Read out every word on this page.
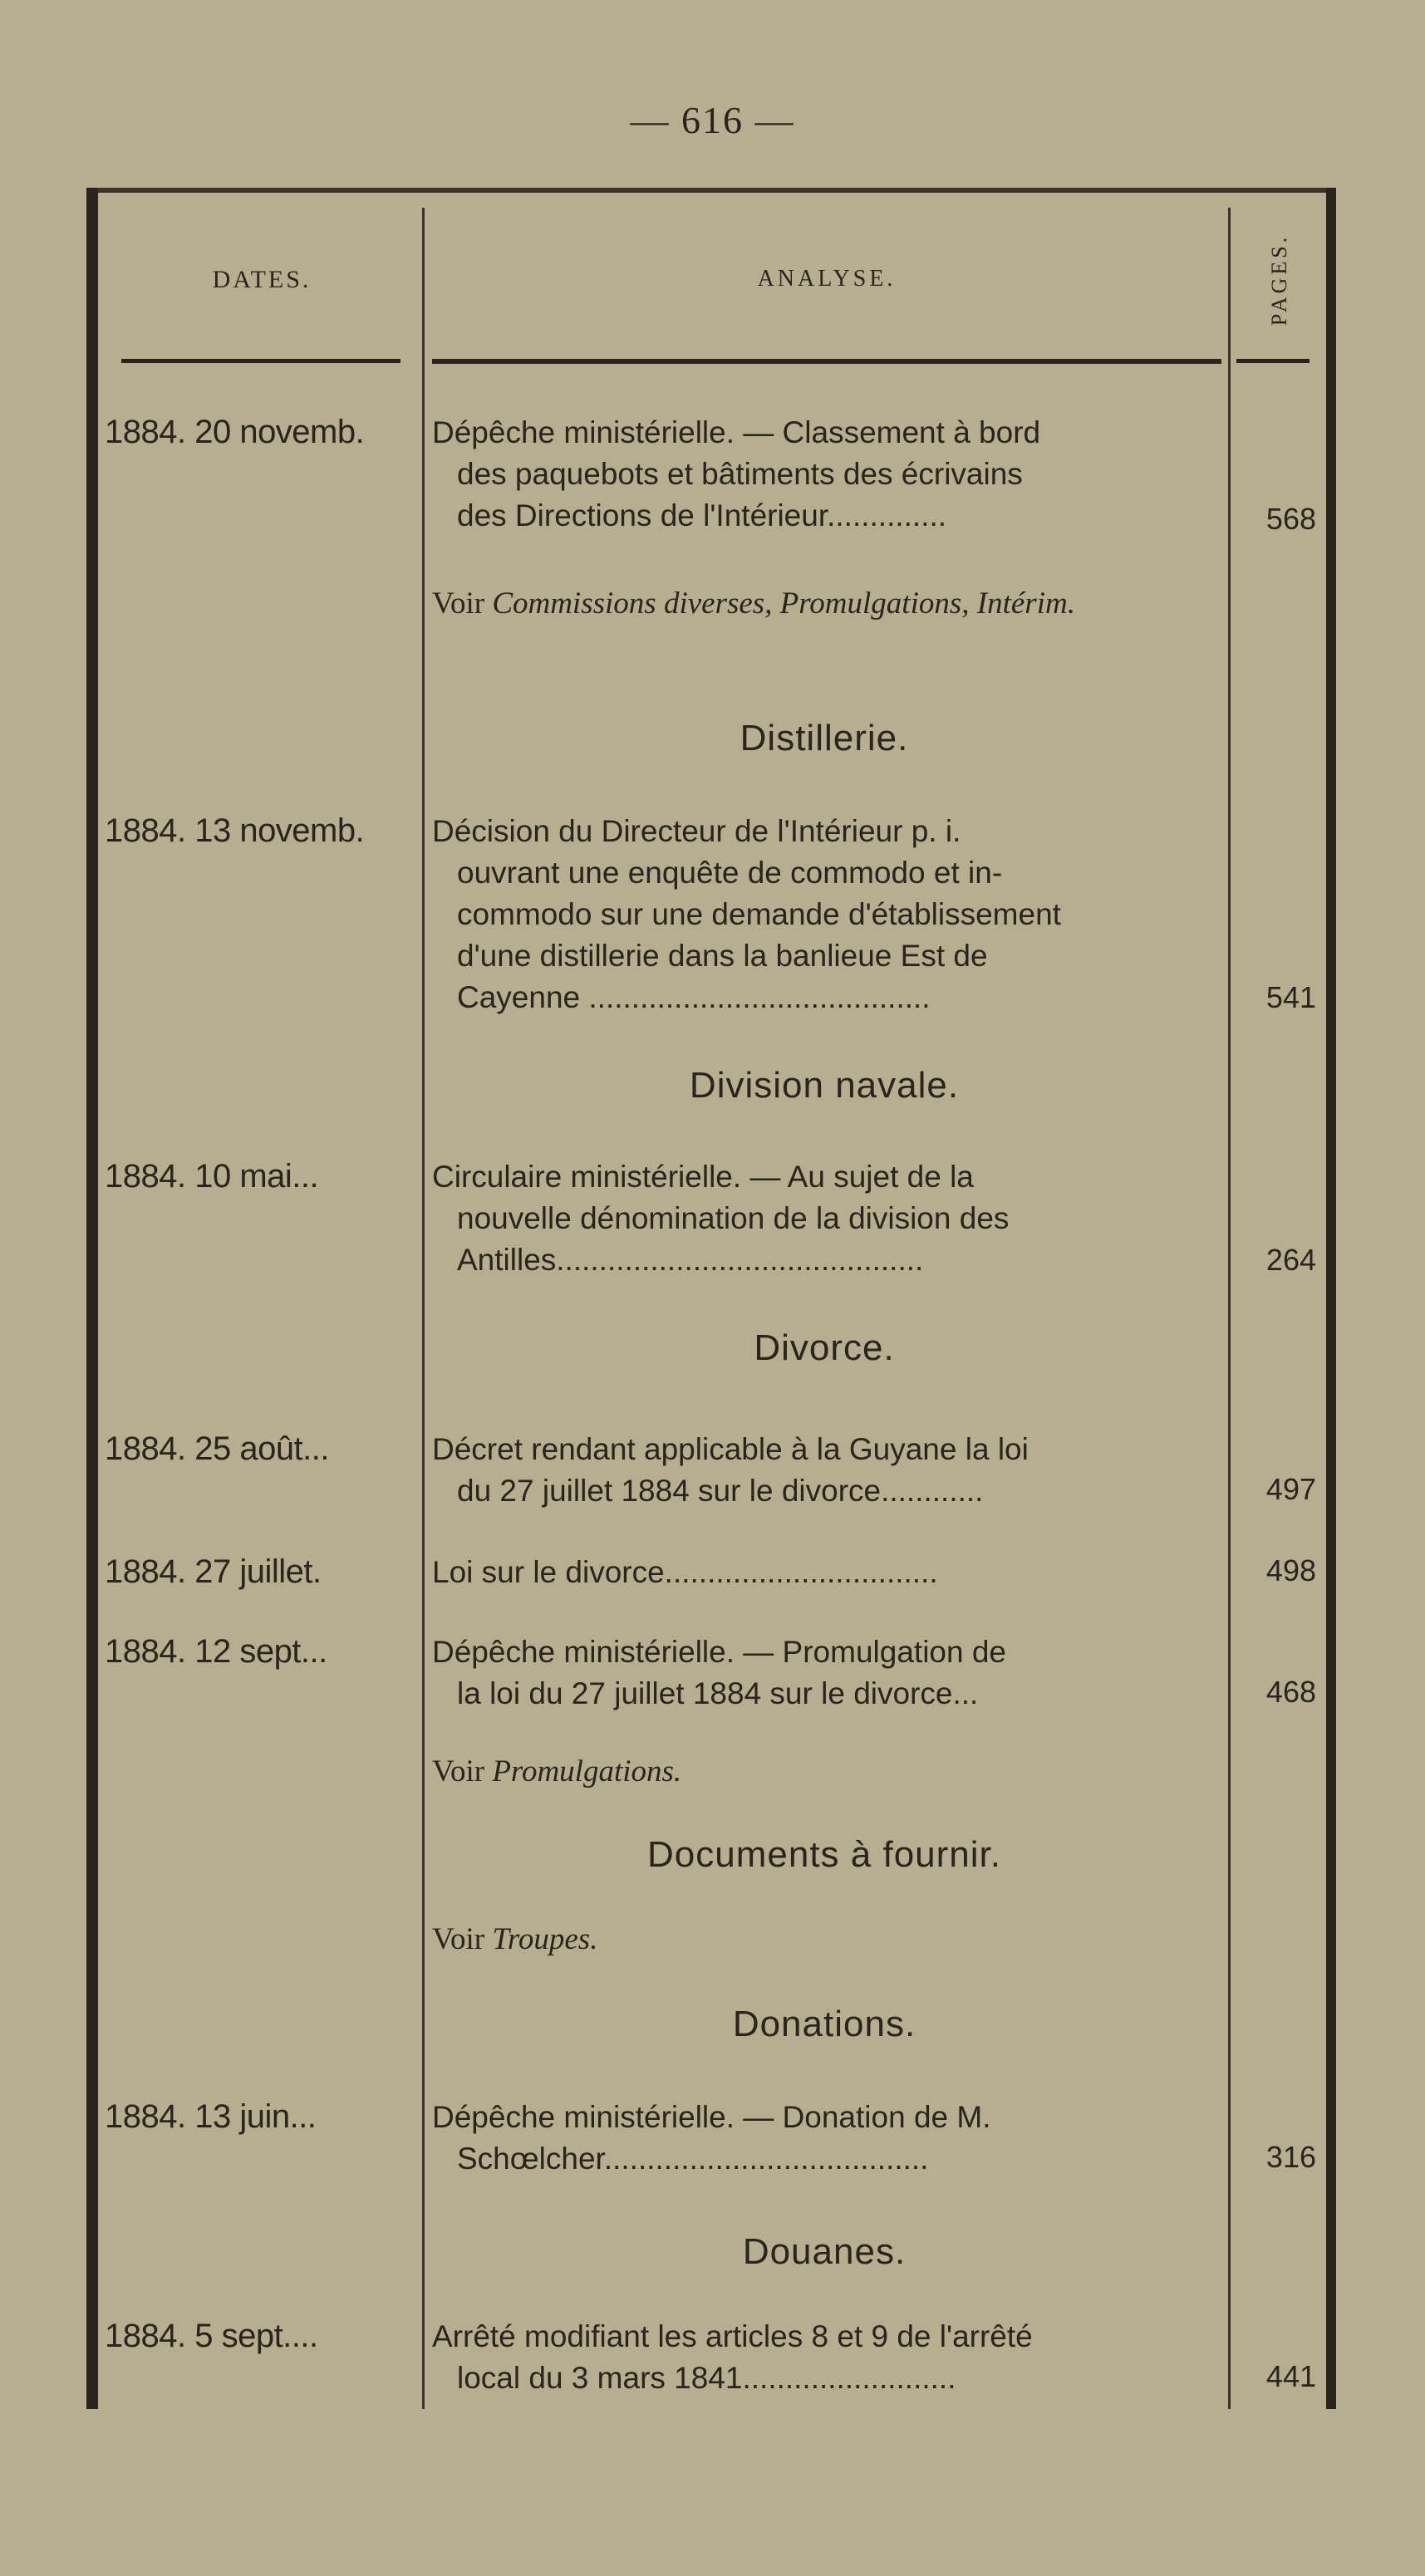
— 616 —
DATES.	ANALYSE.	PAGES.
1884. 20 novemb.	Dépêche ministérielle. — Classement à bord
des paquebots et bâtiments des écrivains
des Directions de l'Intérieur..............	568
Voir Commissions diverses, Promulgations, Intérim.
Distillerie.
1884. 13 novemb.	Décision du Directeur de l'Intérieur p. i.
ouvrant une enquête de commodo et in-
commodo sur une demande d'établissement
d'une distillerie dans la banlieue Est de
Cayenne ........................................	541
Division navale.
1884. 10 mai...	Circulaire ministérielle. — Au sujet de la
nouvelle dénomination de la division des
Antilles...........................................	264
Divorce.
1884. 25 août...	Décret rendant applicable à la Guyane la loi
du 27 juillet 1884 sur le divorce............	497
1884. 27 juillet.	Loi sur le divorce................................	498
1884. 12 sept...	Dépêche ministérielle. — Promulgation de
la loi du 27 juillet 1884 sur le divorce...	468
Voir Promulgations.
Documents à fournir.
Voir Troupes.
Donations.
1884. 13 juin...	Dépêche ministérielle. — Donation de M.
Schœlcher......................................	316
Douanes.
1884. 5 sept....	Arrêté modifiant les articles 8 et 9 de l'arrêté
local du 3 mars 1841.........................	441
